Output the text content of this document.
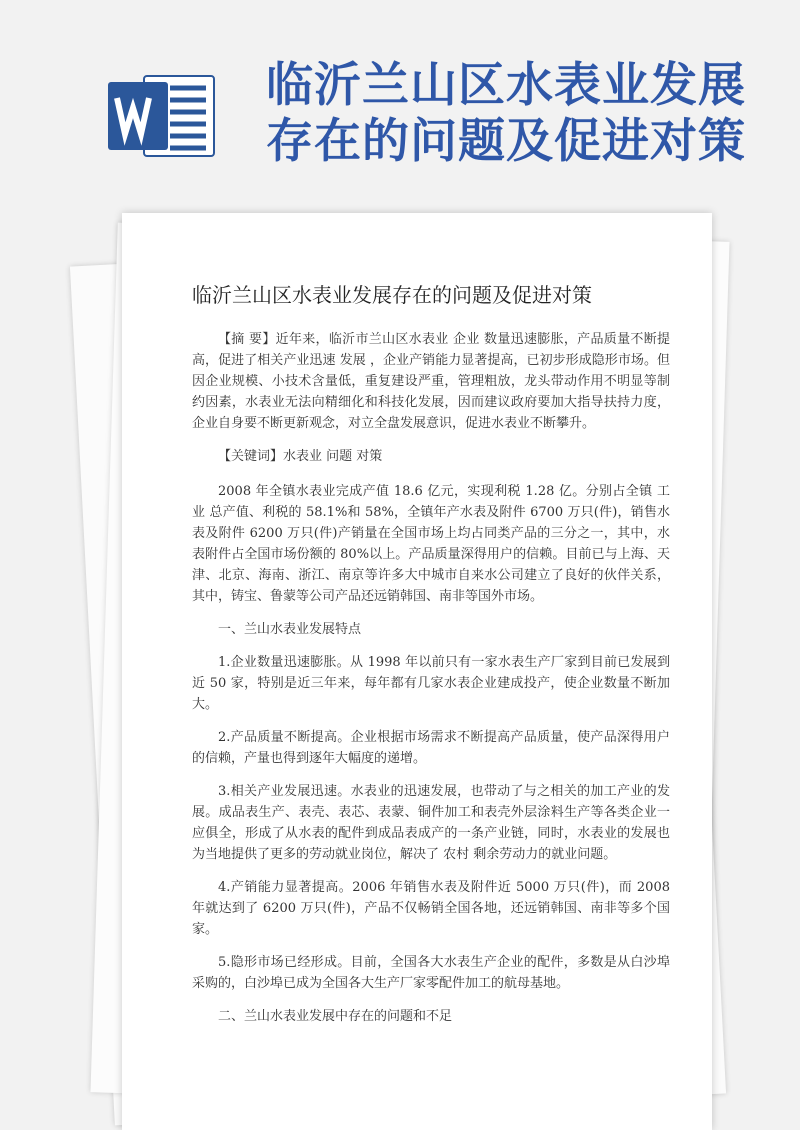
临沂兰山区水表业发展
存在的问题及促进对策
临沂兰山区水表业发展存在的问题及促进对策

【摘 要】近年来，临沂市兰山区水表业 企业 数量迅速膨胀，产品质量不断提高，促进了相关产业迅速 发展 ，企业产销能力显著提高，已初步形成隐形市场。但因企业规模、小技术含量低，重复建设严重，管理粗放，龙头带动作用不明显等制约因素，水表业无法向精细化和科技化发展，因而建议政府要加大指导扶持力度，企业自身要不断更新观念，对立全盘发展意识，促进水表业不断攀升。

【关键词】水表业 问题 对策

2008 年全镇水表业完成产值 18.6 亿元，实现利税 1.28 亿。分别占全镇 工业 总产值、利税的 58.1%和 58%，全镇年产水表及附件 6700 万只(件)，销售水表及附件 6200 万只(件)产销量在全国市场上均占同类产品的三分之一，其中，水表附件占全国市场份额的 80%以上。产品质量深得用户的信赖。目前已与上海、天津、北京、海南、浙江、南京等许多大中城市自来水公司建立了良好的伙伴关系，其中，铸宝、鲁蒙等公司产品还远销韩国、南非等国外市场。

一、兰山水表业发展特点

1.企业数量迅速膨胀。从 1998 年以前只有一家水表生产厂家到目前已发展到近 50 家，特别是近三年来，每年都有几家水表企业建成投产，使企业数量不断加大。

2.产品质量不断提高。企业根据市场需求不断提高产品质量，使产品深得用户的信赖，产量也得到逐年大幅度的递增。

3.相关产业发展迅速。水表业的迅速发展，也带动了与之相关的加工产业的发展。成品表生产、表壳、表芯、表蒙、铜件加工和表壳外层涂料生产等各类企业一应俱全，形成了从水表的配件到成品表成产的一条产业链，同时，水表业的发展也为当地提供了更多的劳动就业岗位，解决了 农村 剩余劳动力的就业问题。

4.产销能力显著提高。2006 年销售水表及附件近 5000 万只(件)，而 2008 年就达到了 6200 万只(件)，产品不仅畅销全国各地，还远销韩国、南非等多个国家。

5.隐形市场已经形成。目前，全国各大水表生产企业的配件，多数是从白沙埠采购的，白沙埠已成为全国各大生产厂家零配件加工的航母基地。

二、兰山水表业发展中存在的问题和不足
